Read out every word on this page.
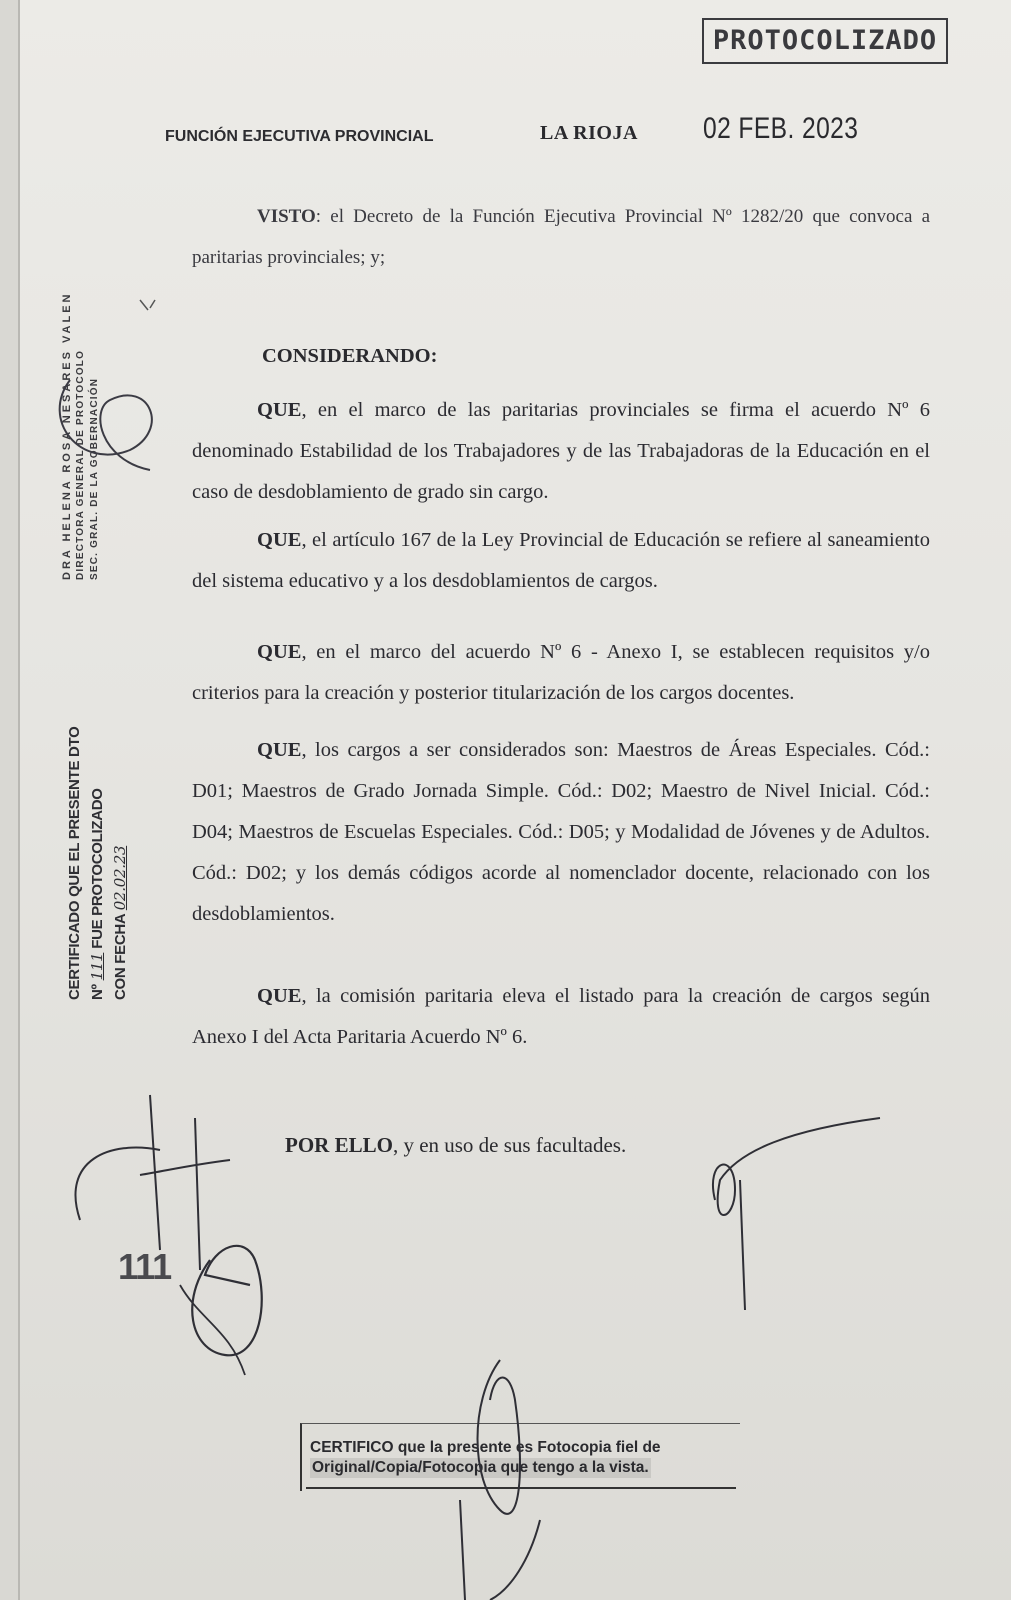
PROTOCOLIZADO
FUNCIÓN EJECUTIVA PROVINCIAL	LA RIOJA 02 FEB. 2023

VISTO: el Decreto de la Función Ejecutiva Provincial Nº 1282/20 que convoca a paritarias provinciales; y;

CONSIDERANDO:

QUE, en el marco de las paritarias provinciales se firma el acuerdo Nº 6 denominado Estabilidad de los Trabajadores y de las Trabajadoras de la Educación en el caso de desdoblamiento de grado sin cargo.

QUE, el artículo 167 de la Ley Provincial de Educación se refiere al saneamiento del sistema educativo y a los desdoblamientos de cargos.

QUE, en el marco del acuerdo Nº 6 - Anexo I, se establecen requisitos y/o criterios para la creación y posterior titularización de los cargos docentes.

QUE, los cargos a ser considerados son: Maestros de Áreas Especiales. Cód.: D01; Maestros de Grado Jornada Simple. Cód.: D02; Maestro de Nivel Inicial. Cód.: D04; Maestros de Escuelas Especiales. Cód.: D05; y Modalidad de Jóvenes y de Adultos. Cód.: D02; y los demás códigos acorde al nomenclador docente, relacionado con los desdoblamientos.

QUE, la comisión paritaria eleva el listado para la creación de cargos según Anexo I del Acta Paritaria Acuerdo Nº 6.

POR ELLO, y en uso de sus facultades.
DRA HELENA ROSA NESARES VALEN DIRECTORA GENERAL DE PROTOCOLO SEC. GRAL. DE LA GOBERNACIÓN
CERTIFICADO QUE EL PRESENTE DTO Nº 111 FUE PROTOCOLIZADO
CON FECHA 02.02.23
111
CERTIFICO que la presente es Fotocopia fiel de
Original/Copia/Fotocopia que tengo a la vista.
